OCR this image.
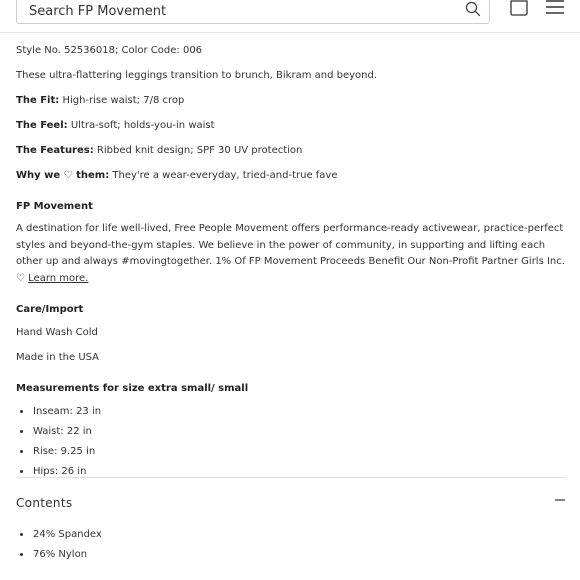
Search FP Movement

Style No. 52536018; Color Code: 006

These ultra-flattering leggings transition to brunch, Bikram and beyond.

The Fit: High-rise waist; 7/8 crop

The Feel: Ultra-soft; holds-you-in waist

The Features: Ribbed knit design; SPF 30 UV protection

Why we ♡ them: They're a wear-everyday, tried-and-true fave

FP Movement

A destination for life well-lived, Free People Movement offers performance-ready activewear, practice-perfect styles and beyond-the-gym staples. We believe in the power of community, in supporting and lifting each other up and always #movingtogether. 1% Of FP Movement Proceeds Benefit Our Non-Profit Partner Girls Inc. ♡ Learn more.

Care/Import

Hand Wash Cold

Made in the USA

Measurements for size extra small/ small

• Inseam: 23 in
• Waist: 22 in
• Rise: 9.25 in
• Hips: 26 in
Contents
• 24% Spandex
• 76% Nylon
